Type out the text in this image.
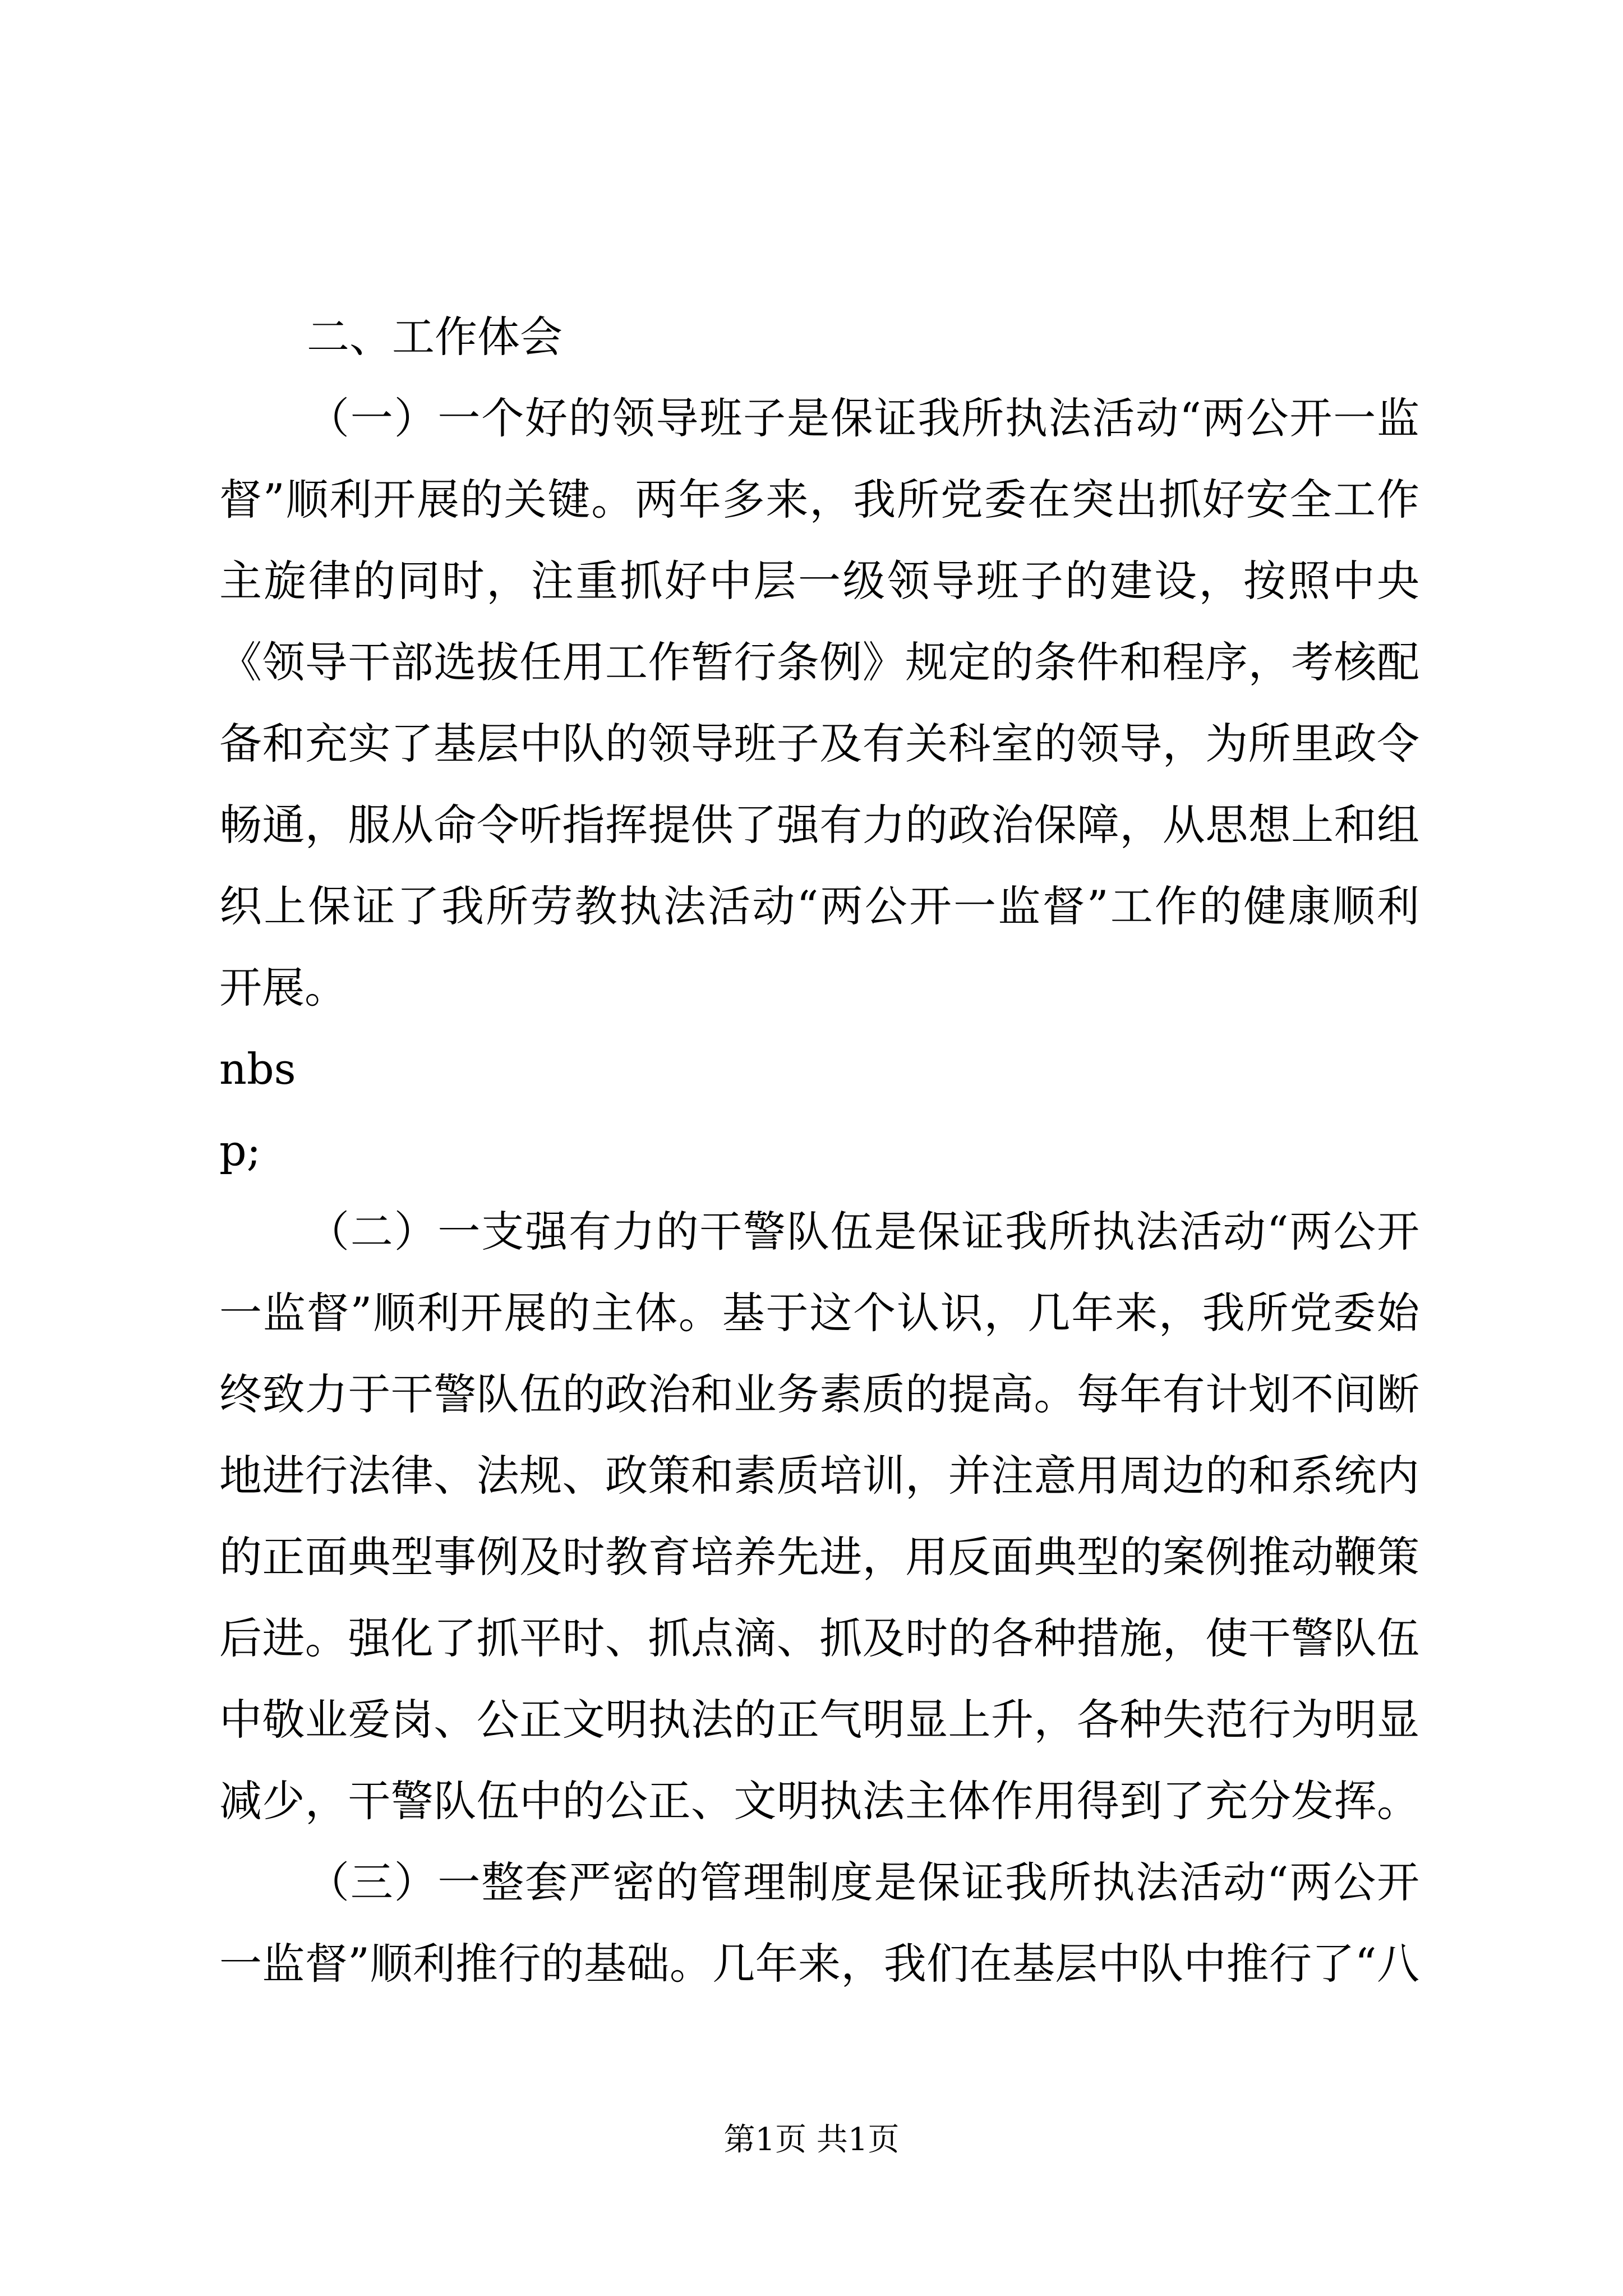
二、工作体会
（一）一个好的领导班子是保证我所执法活动“两公开一监
督”顺利开展的关键。两年多来，我所党委在突出抓好安全工作
主旋律的同时，注重抓好中层一级领导班子的建设，按照中央
《领导干部选拔任用工作暂行条例》规定的条件和程序，考核配
备和充实了基层中队的领导班子及有关科室的领导，为所里政令
畅通，服从命令听指挥提供了强有力的政治保障，从思想上和组
织上保证了我所劳教执法活动“两公开一监督”工作的健康顺利
开展。
nbs
p;
（二）一支强有力的干警队伍是保证我所执法活动“两公开
一监督”顺利开展的主体。基于这个认识，几年来，我所党委始
终致力于干警队伍的政治和业务素质的提高。每年有计划不间断
地进行法律、法规、政策和素质培训，并注意用周边的和系统内
的正面典型事例及时教育培养先进，用反面典型的案例推动鞭策
后进。强化了抓平时、抓点滴、抓及时的各种措施，使干警队伍
中敬业爱岗、公正文明执法的正气明显上升，各种失范行为明显
减少，干警队伍中的公正、文明执法主体作用得到了充分发挥。
（三）一整套严密的管理制度是保证我所执法活动“两公开
一监督”顺利推行的基础。几年来，我们在基层中队中推行了“八
第1页 共1页
